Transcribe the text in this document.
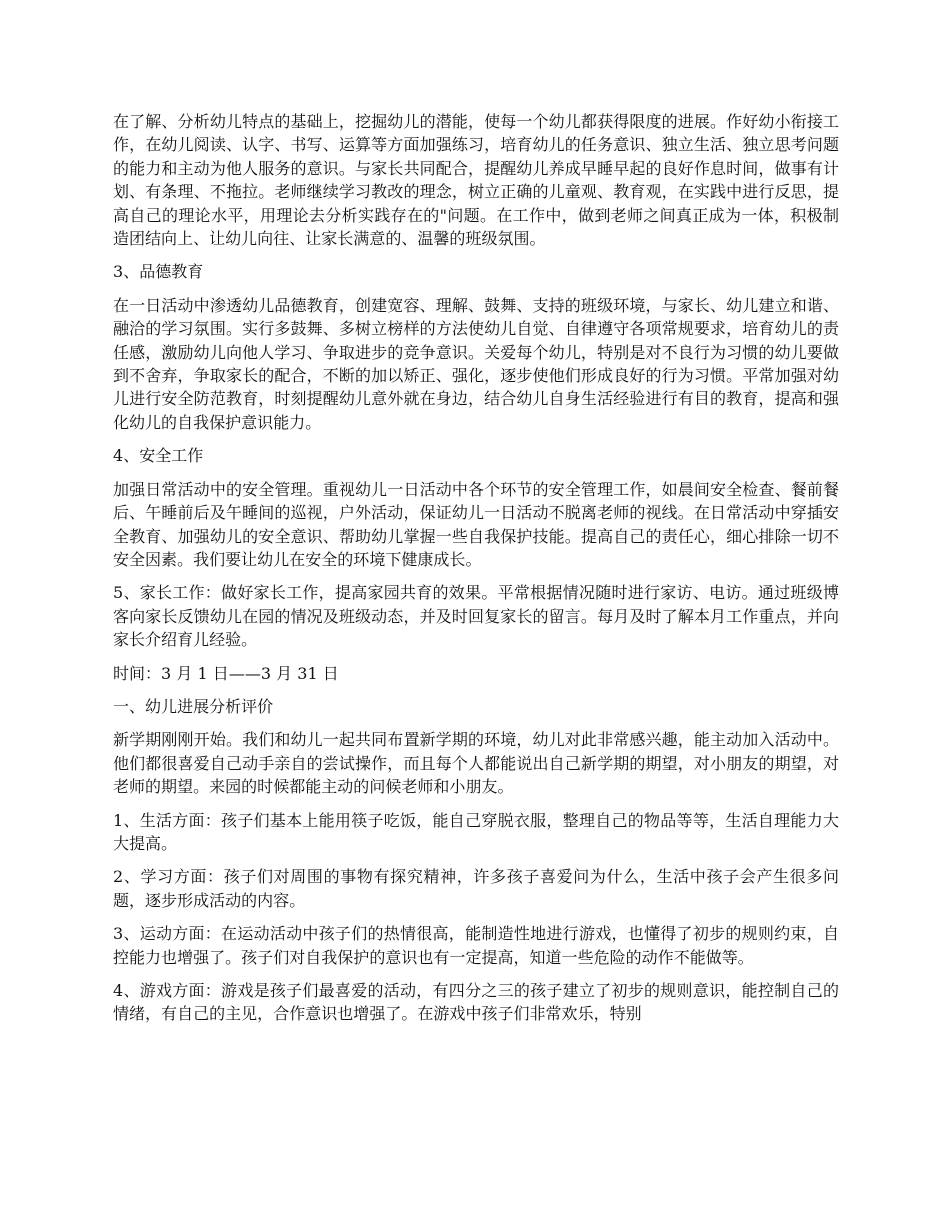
在了解、分析幼儿特点的基础上，挖掘幼儿的潜能，使每一个幼儿都获得限度的进展。作好幼小衔接工作，在幼儿阅读、认字、书写、运算等方面加强练习，培育幼儿的任务意识、独立生活、独立思考问题的能力和主动为他人服务的意识。与家长共同配合，提醒幼儿养成早睡早起的良好作息时间，做事有计划、有条理、不拖拉。老师继续学习教改的理念，树立正确的儿童观、教育观，在实践中进行反思，提高自己的理论水平，用理论去分析实践存在的"问题。在工作中，做到老师之间真正成为一体，积极制造团结向上、让幼儿向往、让家长满意的、温馨的班级氛围。

3、品德教育

在一日活动中渗透幼儿品德教育，创建宽容、理解、鼓舞、支持的班级环境，与家长、幼儿建立和谐、融洽的学习氛围。实行多鼓舞、多树立榜样的方法使幼儿自觉、自律遵守各项常规要求，培育幼儿的责任感，激励幼儿向他人学习、争取进步的竞争意识。关爱每个幼儿，特别是对不良行为习惯的幼儿要做到不舍弃，争取家长的配合，不断的加以矫正、强化，逐步使他们形成良好的行为习惯。平常加强对幼儿进行安全防范教育，时刻提醒幼儿意外就在身边，结合幼儿自身生活经验进行有目的教育，提高和强化幼儿的自我保护意识能力。

4、安全工作

加强日常活动中的安全管理。重视幼儿一日活动中各个环节的安全管理工作，如晨间安全检查、餐前餐后、午睡前后及午睡间的巡视，户外活动，保证幼儿一日活动不脱离老师的视线。在日常活动中穿插安全教育、加强幼儿的安全意识、帮助幼儿掌握一些自我保护技能。提高自己的责任心，细心排除一切不安全因素。我们要让幼儿在安全的环境下健康成长。

5、家长工作：做好家长工作，提高家园共育的效果。平常根据情况随时进行家访、电访。通过班级博客向家长反馈幼儿在园的情况及班级动态，并及时回复家长的留言。每月及时了解本月工作重点，并向家长介绍育儿经验。

时间：3 月 1 日——3 月 31 日

一、幼儿进展分析评价

新学期刚刚开始。我们和幼儿一起共同布置新学期的环境，幼儿对此非常感兴趣，能主动加入活动中。他们都很喜爱自己动手亲自的尝试操作，而且每个人都能说出自己新学期的期望，对小朋友的期望，对老师的期望。来园的时候都能主动的问候老师和小朋友。

1、生活方面：孩子们基本上能用筷子吃饭，能自己穿脱衣服，整理自己的物品等等，生活自理能力大大提高。

2、学习方面：孩子们对周围的事物有探究精神，许多孩子喜爱问为什么，生活中孩子会产生很多问题，逐步形成活动的内容。

3、运动方面：在运动活动中孩子们的热情很高，能制造性地进行游戏，也懂得了初步的规则约束，自控能力也增强了。孩子们对自我保护的意识也有一定提高，知道一些危险的动作不能做等。

4、游戏方面：游戏是孩子们最喜爱的活动，有四分之三的孩子建立了初步的规则意识，能控制自己的情绪，有自己的主见，合作意识也增强了。在游戏中孩子们非常欢乐，特别
